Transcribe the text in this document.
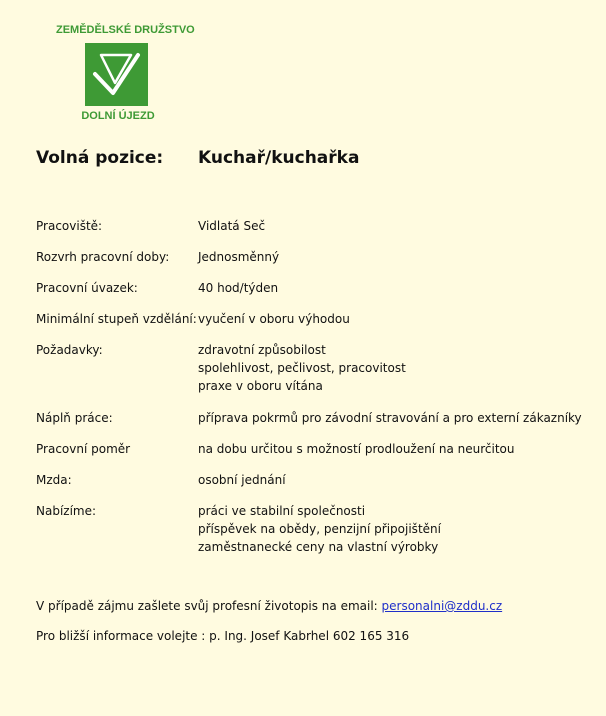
ZEMĚDĚLSKÉ DRUŽSTVO
DOLNÍ ÚJEZD
Volná pozice: Kuchař/kuchařka
Pracoviště:	Vidlatá Seč
Rozvrh pracovní doby: Jednosměnný
Pracovní úvazek:	40 hod/týden
Minimální stupeň vzdělání: vyučení v oboru výhodou
Požadavky:	zdravotní způsobilost
spolehlivost, pečlivost, pracovitost
praxe v oboru vítána
Náplň práce:	příprava pokrmů pro závodní stravování a pro externí zákazníky
Pracovní poměr	na dobu určitou s možností prodloužení na neurčitou
Mzda:	osobní jednání
Nabízíme:	práci ve stabilní společnosti
příspěvek na obědy, penzijní připojištění
zaměstnanecké ceny na vlastní výrobky
V případě zájmu zašlete svůj profesní životopis na email: personalni@zddu.cz
Pro bližší informace volejte : p. Ing. Josef Kabrhel 602 165 316
